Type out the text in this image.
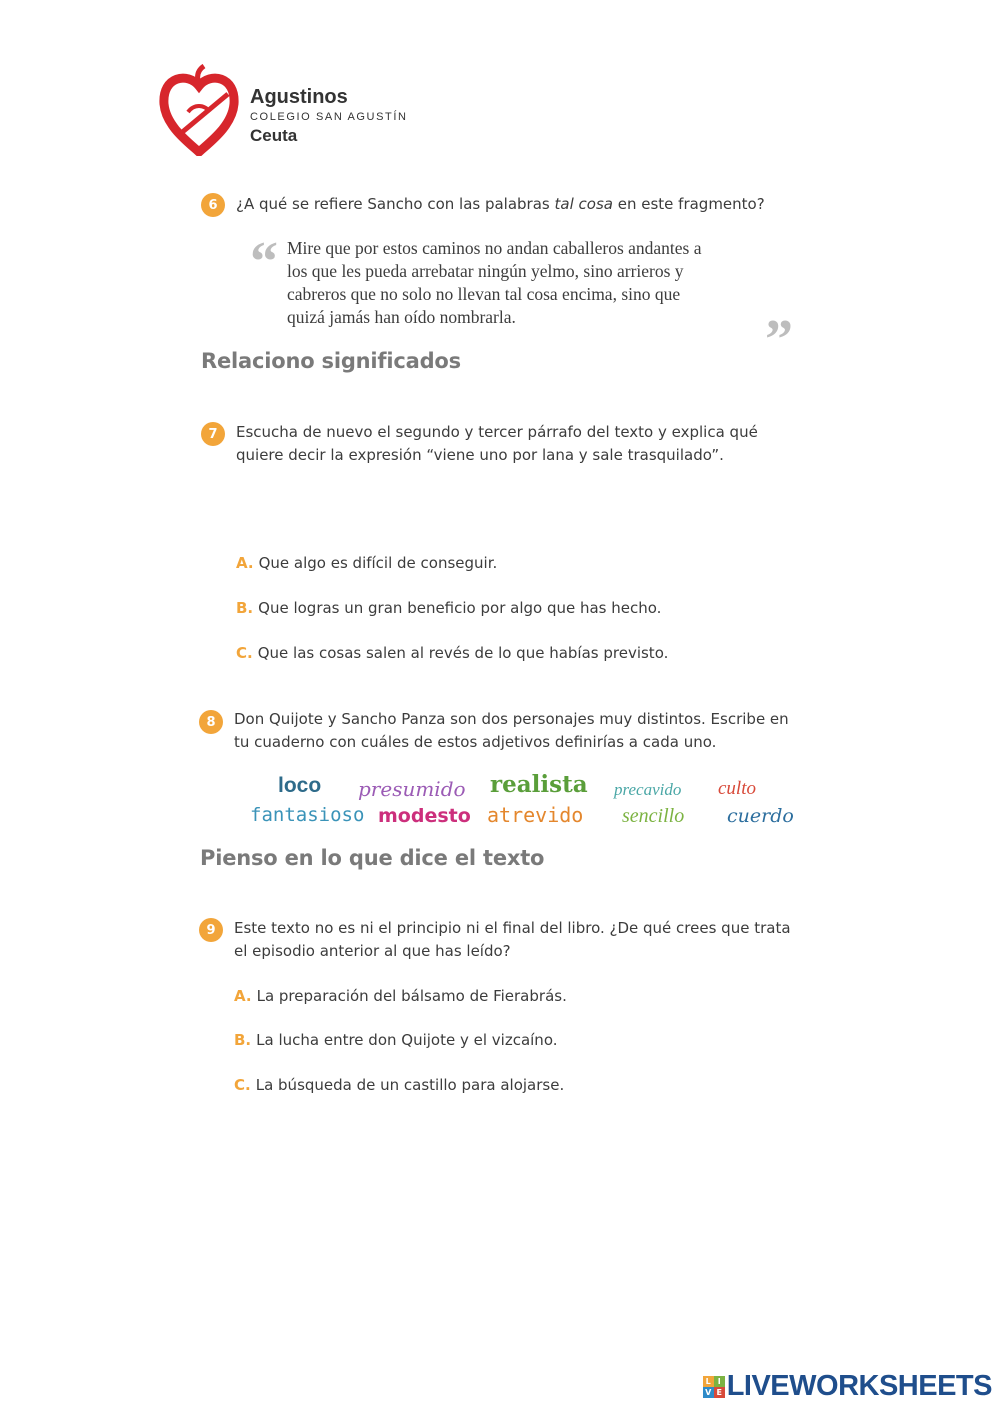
Agustinos
COLEGIO SAN AGUSTÍN
Ceuta
6	¿A qué se refiere Sancho con las palabras tal cosa en este fragmento?
“ Mire que por estos caminos no andan caballeros andantes a
los que les pueda arrebatar ningún yelmo, sino arrieros y
cabreros que no solo no llevan tal cosa encima, sino que
quizá jamás han oído nombrarla.	”
Relaciono significados
7	Escucha de nuevo el segundo y tercer párrafo del texto y explica qué
quiere decir la expresión “viene uno por lana y sale trasquilado”.
A. Que algo es difícil de conseguir.
B. Que logras un gran beneficio por algo que has hecho.
C. Que las cosas salen al revés de lo que habías previsto.
8	Don Quijote y Sancho Panza son dos personajes muy distintos. Escribe en
tu cuaderno con cuáles de estos adjetivos definirías a cada uno.
loco presumido realista precavido culto
fantasioso modesto atrevido sencillo cuerdo
Pienso en lo que dice el texto
9	Este texto no es ni el principio ni el final del libro. ¿De qué crees que trata
el episodio anterior al que has leído?
A. La preparación del bálsamo de Fierabrás.
B. La lucha entre don Quijote y el vizcaíno.
C. La búsqueda de un castillo para alojarse.
L I
V E LIVEWORKSHEETS
